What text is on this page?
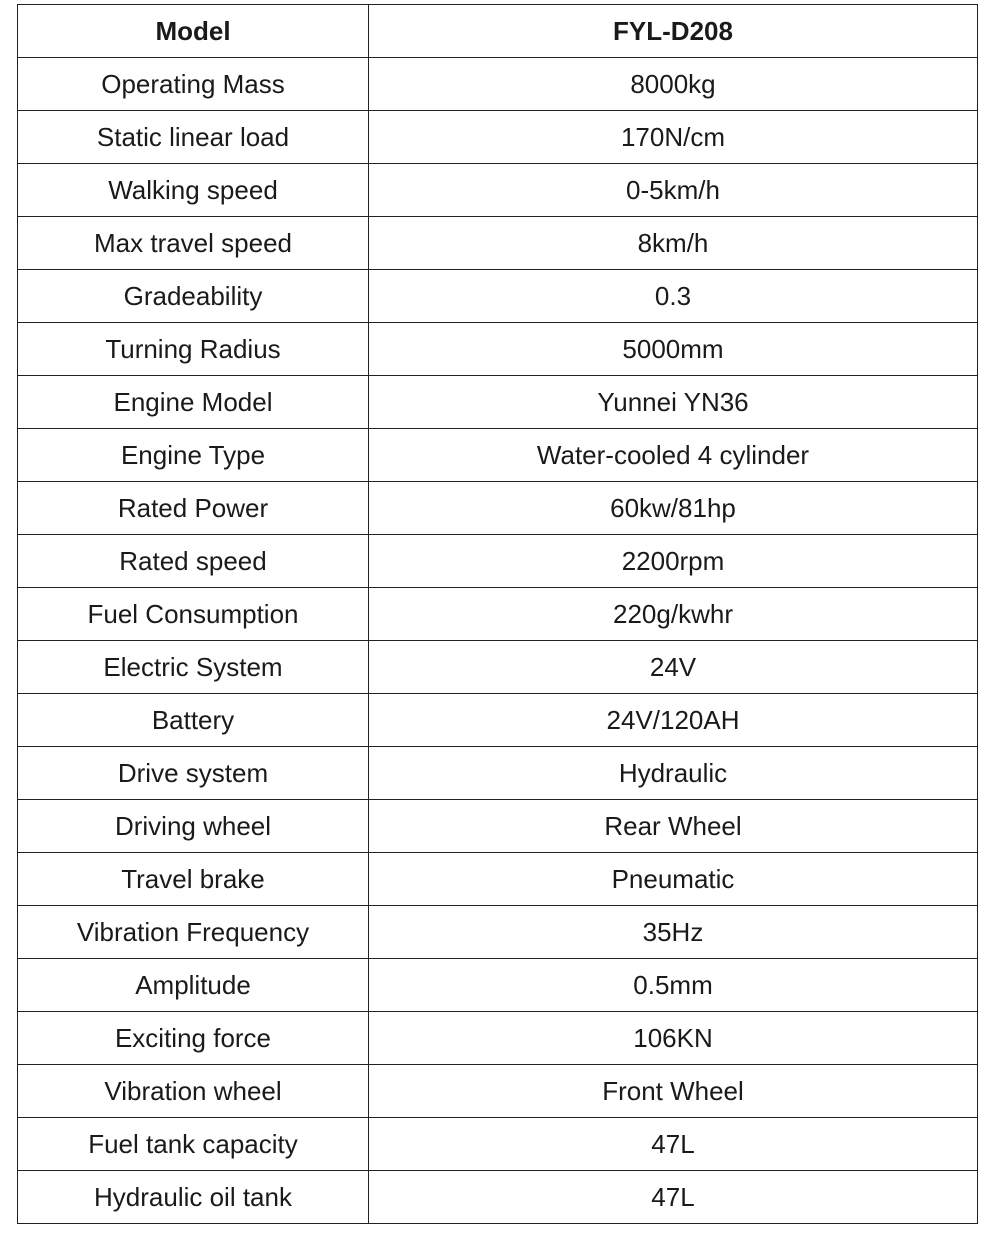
Model	FYL-D208
Operating Mass	8000kg
Static linear load	170N/cm
Walking speed	0-5km/h
Max travel speed	8km/h
Gradeability	0.3
Turning Radius	5000mm
Engine Model	Yunnei YN36
Engine Type	Water-cooled 4 cylinder
Rated Power	60kw/81hp
Rated speed	2200rpm
Fuel Consumption	220g/kwhr
Electric System	24V
Battery	24V/120AH
Drive system	Hydraulic
Driving wheel	Rear Wheel
Travel brake	Pneumatic
Vibration Frequency	35Hz
Amplitude	0.5mm
Exciting force	106KN
Vibration wheel	Front Wheel
Fuel tank capacity	47L
Hydraulic oil tank	47L
